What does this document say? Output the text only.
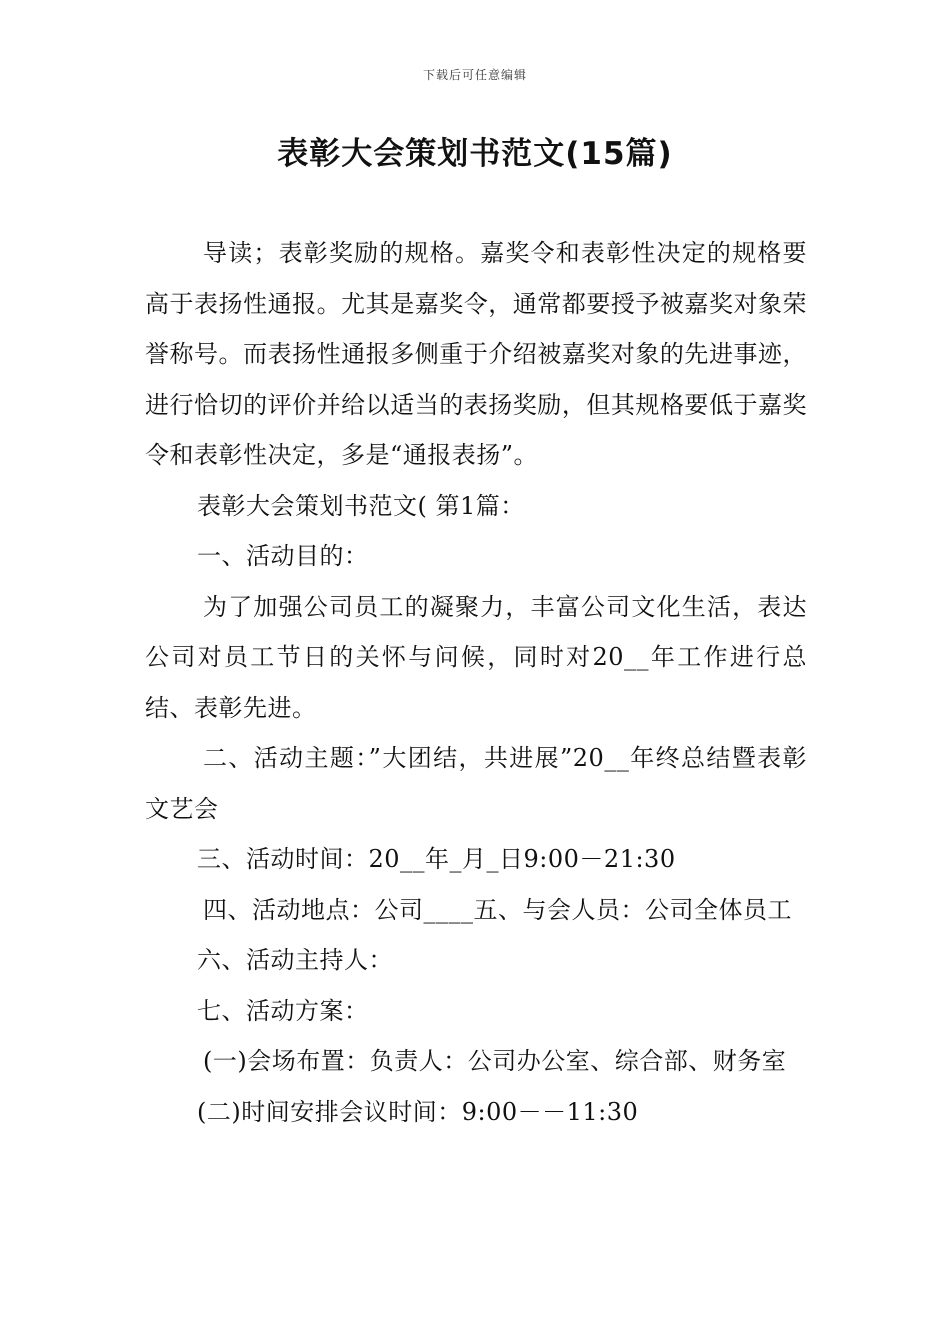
下载后可任意编辑
表彰大会策划书范文(15篇)

导读；表彰奖励的规格。嘉奖令和表彰性决定的规格要高于表扬性通报。尤其是嘉奖令，通常都要授予被嘉奖对象荣誉称号。而表扬性通报多侧重于介绍被嘉奖对象的先进事迹，进行恰切的评价并给以适当的表扬奖励，但其规格要低于嘉奖令和表彰性决定，多是“通报表扬”。

表彰大会策划书范文( 第1篇：

一、活动目的：

为了加强公司员工的凝聚力，丰富公司文化生活，表达公司对员工节日的关怀与问候，同时对20__年工作进行总结、表彰先进。

二、活动主题：”大团结，共进展”20__年终总结暨表彰文艺会

三、活动时间：20__年_月_日9:00－21:30

四、活动地点：公司____五、与会人员：公司全体员工

六、活动主持人：

七、活动方案：

(一)会场布置：负责人：公司办公室、综合部、财务室

(二)时间安排会议时间：9:00－－11:30
